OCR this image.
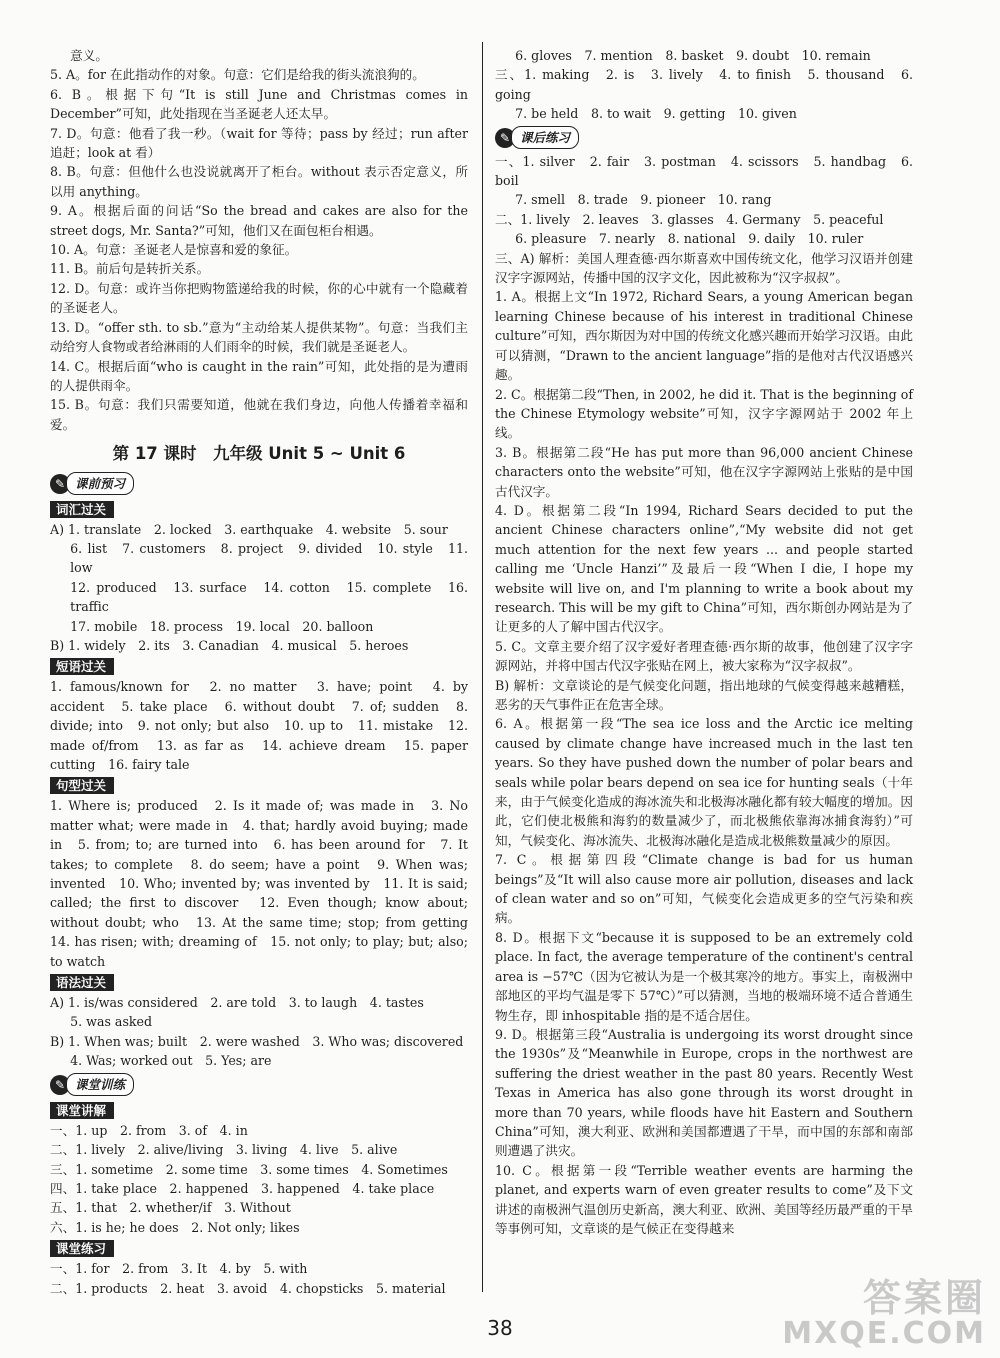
意义。

5. A。for 在此指动作的对象。句意：它们是给我的街头流浪狗的。

6. B。根据下句“It is still June and Christmas comes in December”可知，此处指现在当圣诞老人还太早。

7. D。句意：他看了我一秒。（wait for 等待；pass by 经过；run after 追赶；look at 看）

8. B。句意：但他什么也没说就离开了柜台。without 表示否定意义，所以用 anything。

9. A。根据后面的问话“So the bread and cakes are also for the street dogs, Mr. Santa?”可知，他们又在面包柜台相遇。

10. A。句意：圣诞老人是惊喜和爱的象征。

11. B。前后句是转折关系。

12. D。句意：或许当你把购物篮递给我的时候，你的心中就有一个隐藏着的圣诞老人。

13. D。“offer sth. to sb.”意为“主动给某人提供某物”。句意：当我们主动给穷人食物或者给淋雨的人们雨伞的时候，我们就是圣诞老人。

14. C。根据后面“who is caught in the rain”可知，此处指的是为遭雨的人提供雨伞。

15. B。句意：我们只需要知道，他就在我们身边，向他人传播着幸福和爱。

第 17 课时　九年级 Unit 5 ~ Unit 6
✎ 课前预习
词汇过关

A) 1. translate　2. locked　3. earthquake　4. website　5. sour

6. list　7. customers　8. project　9. divided　10. style　11. low

12. produced　13. surface　14. cotton　15. complete　16. traffic

17. mobile　18. process　19. local　20. balloon

B) 1. widely　2. its　3. Canadian　4. musical　5. heroes

短语过关

1. famous/known for　2. no matter　3. have; point　4. by accident　5. take place　6. without doubt　7. of; sudden　8. divide; into　9. not only; but also　10. up to　11. mistake　12. made of/from　13. as far as　14. achieve dream　15. paper cutting　16. fairy tale

句型过关

1. Where is; produced　2. Is it made of; was made in　3. No matter what; were made in　4. that; hardly avoid buying; made in　5. from; to; are turned into　6. has been around for　7. It takes; to complete　8. do seem; have a point　9. When was; invented　10. Who; invented by; was invented by　11. It is said; called; the first to discover　12. Even though; know about; without doubt; who　13. At the same time; stop; from getting　14. has risen; with; dreaming of　15. not only; to play; but; also; to watch

语法过关

A) 1. is/was considered　2. are told　3. to laugh　4. tastes

5. was asked

B) 1. When was; built　2. were washed　3. Who was; discovered

4. Was; worked out　5. Yes; are

✎ 课堂训练
课堂讲解

一、1. up　2. from　3. of　4. in

二、1. lively　2. alive/living　3. living　4. live　5. alive

三、1. sometime　2. some time　3. some times　4. Sometimes

四、1. take place　2. happened　3. happened　4. take place

五、1. that　2. whether/if　3. Without

六、1. is he; he does　2. Not only; likes

课堂练习

一、1. for　2. from　3. It　4. by　5. with

二、1. products　2. heat　3. avoid　4. chopsticks　5. material

6. gloves　7. mention　8. basket　9. doubt　10. remain

三、1. making　2. is　3. lively　4. to finish　5. thousand　6. going

7. be held　8. to wait　9. getting　10. given

✎ 课后练习

一、1. silver　2. fair　3. postman　4. scissors　5. handbag　6. boil

7. smell　8. trade　9. pioneer　10. rang

二、1. lively　2. leaves　3. glasses　4. Germany　5. peaceful

6. pleasure　7. nearly　8. national　9. daily　10. ruler

三、A) 解析：美国人理查德·西尔斯喜欢中国传统文化，他学习汉语并创建汉字字源网站，传播中国的汉字文化，因此被称为“汉字叔叔”。

1. A。根据上文“In 1972, Richard Sears, a young American began learning Chinese because of his interest in traditional Chinese culture”可知，西尔斯因为对中国的传统文化感兴趣而开始学习汉语。由此可以猜测，“Drawn to the ancient language”指的是他对古代汉语感兴趣。

2. C。根据第二段“Then, in 2002, he did it. That is the beginning of the Chinese Etymology website”可知，汉字字源网站于 2002 年上线。

3. B。根据第二段“He has put more than 96,000 ancient Chinese characters onto the website”可知，他在汉字字源网站上张贴的是中国古代汉字。

4. D。根据第二段“In 1994, Richard Sears decided to put the ancient Chinese characters online”,“My website did not get much attention for the next few years ... and people started calling me ‘Uncle Hanzi’”及最后一段“When I die, I hope my website will live on, and I'm planning to write a book about my research. This will be my gift to China”可知，西尔斯创办网站是为了让更多的人了解中国古代汉字。

5. C。文章主要介绍了汉字爱好者理查德·西尔斯的故事，他创建了汉字字源网站，并将中国古代汉字张贴在网上，被大家称为“汉字叔叔”。

B) 解析：文章谈论的是气候变化问题，指出地球的气候变得越来越糟糕，恶劣的天气事件正在危害全球。

6. A。根据第一段“The sea ice loss and the Arctic ice melting caused by climate change have increased much in the last ten years. So they have pushed down the number of polar bears and seals while polar bears depend on sea ice for hunting seals（十年来，由于气候变化造成的海冰流失和北极海冰融化都有较大幅度的增加。因此，它们使北极熊和海豹的数量减少了，而北极熊依靠海冰捕食海豹）”可知，气候变化、海冰流失、北极海冰融化是造成北极熊数量减少的原因。

7. C。根据第四段“Climate change is bad for us human beings”及“It will also cause more air pollution, diseases and lack of clean water and so on”可知，气候变化会造成更多的空气污染和疾病。

8. D。根据下文“because it is supposed to be an extremely cold place. In fact, the average temperature of the continent's central area is −57℃（因为它被认为是一个极其寒冷的地方。事实上，南极洲中部地区的平均气温是零下 57℃）”可以猜测，当地的极端环境不适合普通生物生存，即 inhospitable 指的是不适合居住。

9. D。根据第三段“Australia is undergoing its worst drought since the 1930s”及“Meanwhile in Europe, crops in the northwest are suffering the driest weather in the past 80 years. Recently West Texas in America has also gone through its worst drought in more than 70 years, while floods have hit Eastern and Southern China”可知，澳大利亚、欧洲和美国都遭遇了干旱，而中国的东部和南部则遭遇了洪灾。

10. C。根据第一段“Terrible weather events are harming the planet, and experts warn of even greater results to come”及下文讲述的南极洲气温创历史新高，澳大利亚、欧洲、美国等经历最严重的干旱等事例可知，文章谈的是气候正在变得越来

38
答案圈
MXQE.COM
